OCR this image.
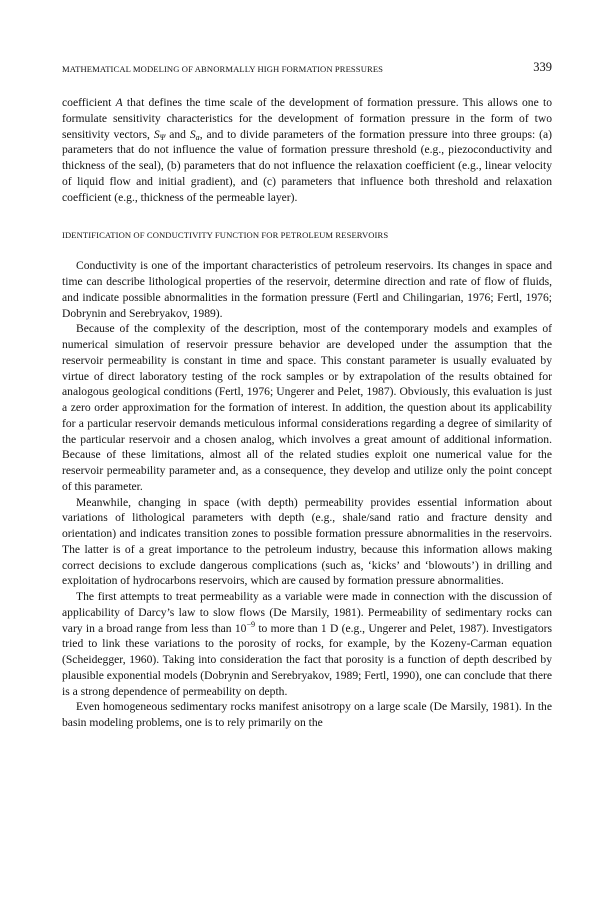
MATHEMATICAL MODELING OF ABNORMALLY HIGH FORMATION PRESSURES	339

coefficient A that defines the time scale of the development of formation pressure. This allows one to formulate sensitivity characteristics for the development of formation pressure in the form of two sensitivity vectors, $S_\Psi$ and $S_a$, and to divide parameters of the formation pressure into three groups: (a) parameters that do not influence the value of formation pressure threshold (e.g., piezoconductivity and thickness of the seal), (b) parameters that do not influence the relaxation coefficient (e.g., linear velocity of liquid flow and initial gradient), and (c) parameters that influence both threshold and relaxation coefficient (e.g., thickness of the permeable layer).

IDENTIFICATION OF CONDUCTIVITY FUNCTION FOR PETROLEUM RESERVOIRS

Conductivity is one of the important characteristics of petroleum reservoirs. Its changes in space and time can describe lithological properties of the reservoir, determine direction and rate of flow of fluids, and indicate possible abnormalities in the formation pressure (Fertl and Chilingarian, 1976; Fertl, 1976; Dobrynin and Serebryakov, 1989).

Because of the complexity of the description, most of the contemporary models and examples of numerical simulation of reservoir pressure behavior are developed under the assumption that the reservoir permeability is constant in time and space. This constant parameter is usually evaluated by virtue of direct laboratory testing of the rock samples or by extrapolation of the results obtained for analogous geological conditions (Fertl, 1976; Ungerer and Pelet, 1987). Obviously, this evaluation is just a zero order approximation for the formation of interest. In addition, the question about its applicability for a particular reservoir demands meticulous informal considerations regarding a degree of similarity of the particular reservoir and a chosen analog, which involves a great amount of additional information. Because of these limitations, almost all of the related studies exploit one numerical value for the reservoir permeability parameter and, as a consequence, they develop and utilize only the point concept of this parameter.

Meanwhile, changing in space (with depth) permeability provides essential information about variations of lithological parameters with depth (e.g., shale/sand ratio and fracture density and orientation) and indicates transition zones to possible formation pressure abnormalities in the reservoirs. The latter is of a great importance to the petroleum industry, because this information allows making correct decisions to exclude dangerous complications (such as, ‘kicks’ and ‘blowouts’) in drilling and exploitation of hydrocarbons reservoirs, which are caused by formation pressure abnormalities.

The first attempts to treat permeability as a variable were made in connection with the discussion of applicability of Darcy’s law to slow flows (De Marsily, 1981). Permeability of sedimentary rocks can vary in a broad range from less than $10^{-9}$ to more than 1 D (e.g., Ungerer and Pelet, 1987). Investigators tried to link these variations to the porosity of rocks, for example, by the Kozeny-Carman equation (Scheidegger, 1960). Taking into consideration the fact that porosity is a function of depth described by plausible exponential models (Dobrynin and Serebryakov, 1989; Fertl, 1990), one can conclude that there is a strong dependence of permeability on depth.

Even homogeneous sedimentary rocks manifest anisotropy on a large scale (De Marsily, 1981). In the basin modeling problems, one is to rely primarily on the
